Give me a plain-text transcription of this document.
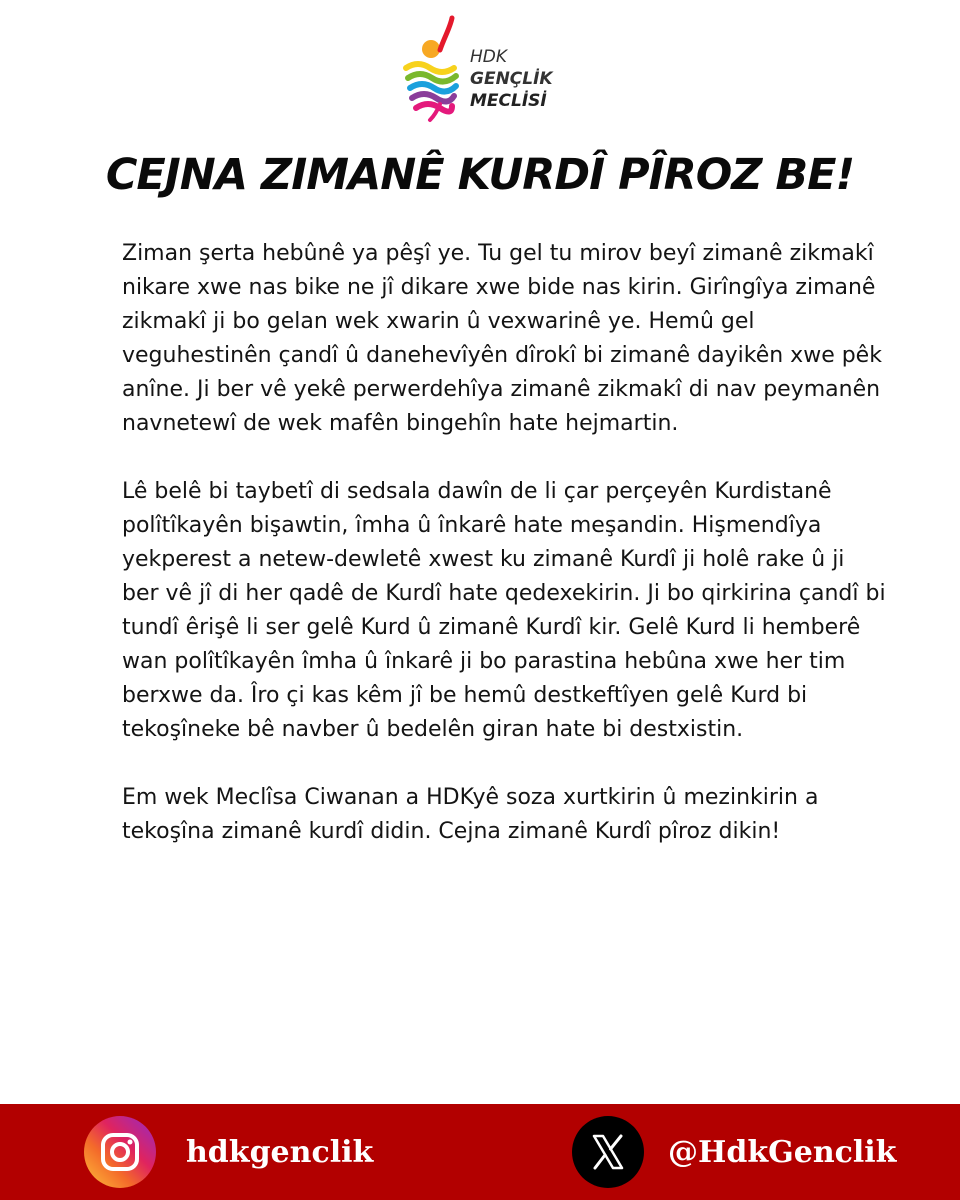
HDK
GENÇLİK
MECLİSİ
CEJNA ZIMANÊ KURDÎ PÎROZ BE!

Ziman şerta hebûnê ya pêşî ye. Tu gel tu mirov beyî zimanê zikmakî nikare xwe nas bike ne jî dikare xwe bide nas kirin. Girîngîya zimanê zikmakî ji bo gelan wek xwarin û vexwarinê ye. Hemû gel veguhestinên çandî û danehevîyên dîrokî bi zimanê dayikên xwe pêk anîne. Ji ber vê yekê perwerdehîya zimanê zikmakî di nav peymanên navnetewî de wek mafên bingehîn hate hejmartin.

Lê belê bi taybetî di sedsala dawîn de li çar perçeyên Kurdistanê polîtîkayên bişawtin, îmha û înkarê hate meşandin. Hişmendîya yekperest a netew-dewletê xwest ku zimanê Kurdî ji holê rake û ji ber vê jî di her qadê de Kurdî hate qedexekirin. Ji bo qirkirina çandî bi tundî êrişê li ser gelê Kurd û zimanê Kurdî kir. Gelê Kurd li hemberê wan polîtîkayên îmha û înkarê ji bo parastina hebûna xwe her tim berxwe da. Îro çi kas kêm jî be hemû destkeftîyen gelê Kurd bi tekoşîneke bê navber û bedelên giran hate bi destxistin.

Em wek Meclîsa Ciwanan a HDKyê soza xurtkirin û mezinkirin a tekoşîna zimanê kurdî didin. Cejna zimanê Kurdî pîroz dikin!

hdkgenclik	@HdkGenclik
